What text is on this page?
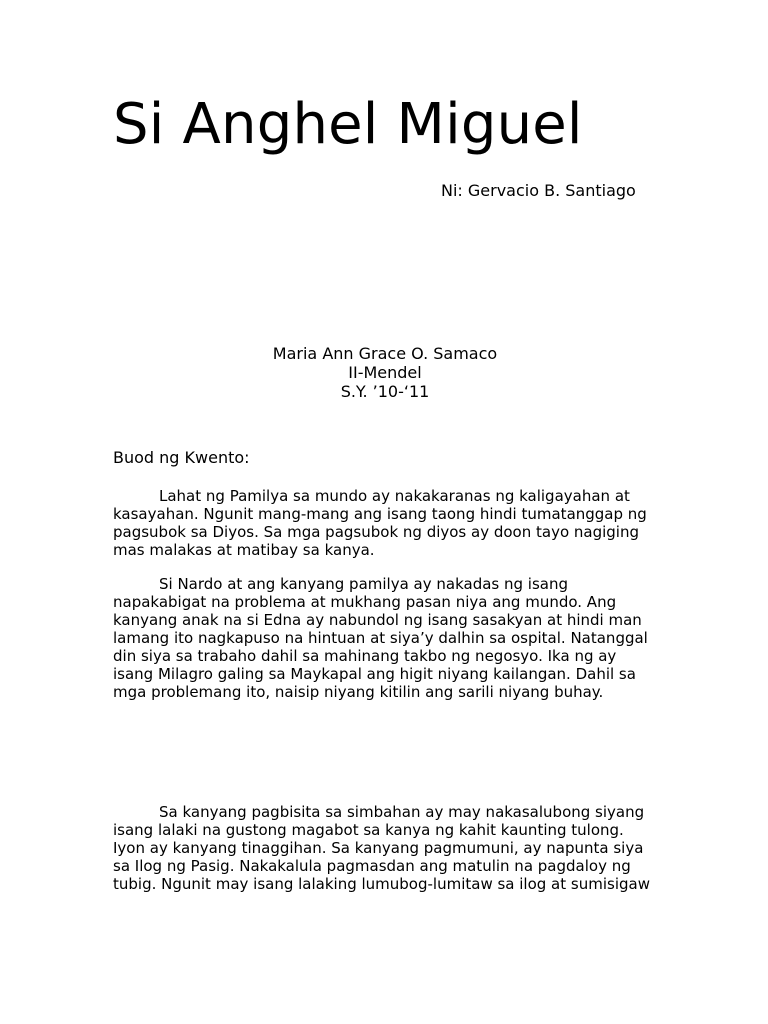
Si Anghel Miguel
Ni: Gervacio B. Santiago
Maria Ann Grace O. Samaco
II-Mendel
S.Y. ’10-‘11
Buod ng Kwento:

Lahat ng Pamilya sa mundo ay nakakaranas ng kaligayahan at
kasayahan. Ngunit mang-mang ang isang taong hindi tumatanggap ng
pagsubok sa Diyos. Sa mga pagsubok ng diyos ay doon tayo nagiging
mas malakas at matibay sa kanya.

Si Nardo at ang kanyang pamilya ay nakadas ng isang
napakabigat na problema at mukhang pasan niya ang mundo. Ang
kanyang anak na si Edna ay nabundol ng isang sasakyan at hindi man
lamang ito nagkapuso na hintuan at siya’y dalhin sa ospital. Natanggal
din siya sa trabaho dahil sa mahinang takbo ng negosyo. Ika ng ay
isang Milagro galing sa Maykapal ang higit niyang kailangan. Dahil sa
mga problemang ito, naisip niyang kitilin ang sarili niyang buhay.

Sa kanyang pagbisita sa simbahan ay may nakasalubong siyang
isang lalaki na gustong magabot sa kanya ng kahit kaunting tulong.
Iyon ay kanyang tinaggihan. Sa kanyang pagmumuni, ay napunta siya
sa Ilog ng Pasig. Nakakalula pagmasdan ang matulin na pagdaloy ng
tubig. Ngunit may isang lalaking lumubog-lumitaw sa ilog at sumisigaw
